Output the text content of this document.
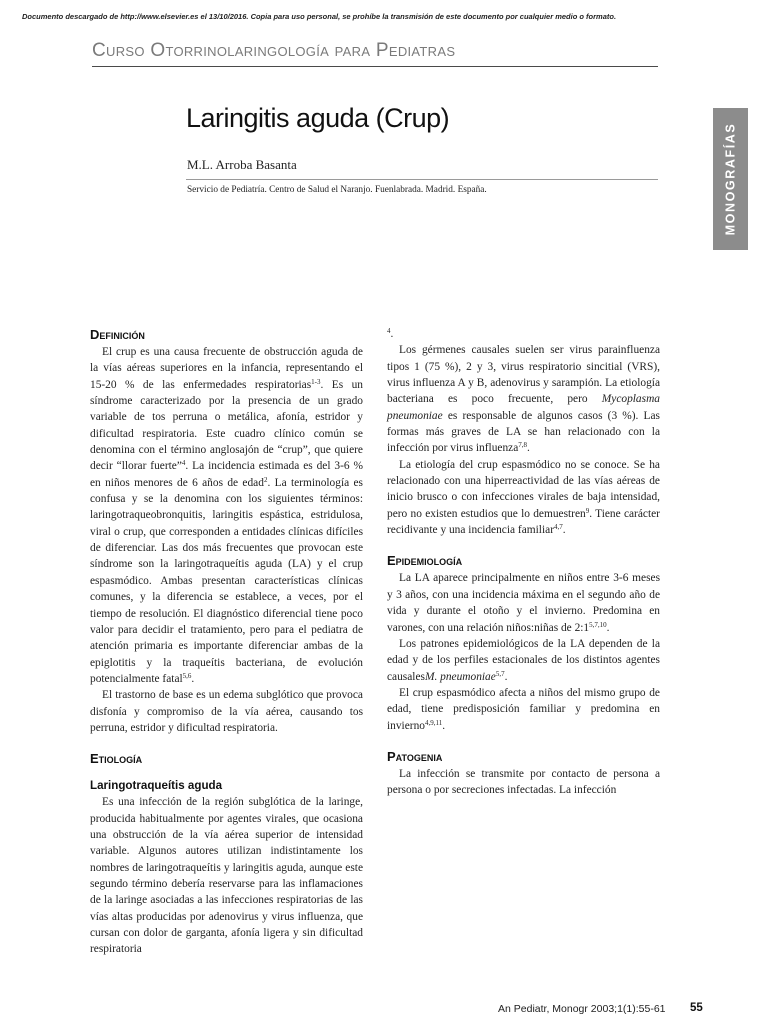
Documento descargado de http://www.elsevier.es el 13/10/2016. Copia para uso personal, se prohíbe la transmisión de este documento por cualquier medio o formato.
Curso Otorrinolaringología para Pediatras
MONOGRAFÍAS
Laringitis aguda (Crup)
M.L. Arroba Basanta
Servicio de Pediatría. Centro de Salud el Naranjo. Fuenlabrada. Madrid. España.
Definición

El crup es una causa frecuente de obstrucción aguda de la vías aéreas superiores en la infancia, representando el 15-20 % de las enfermedades respiratorias$^{1-3}$. Es un síndrome caracterizado por la presencia de un grado variable de tos perruna o metálica, afonía, estridor y dificultad respiratoria. Este cuadro clínico común se denomina con el término anglosajón de “crup”, que quiere decir “llorar fuerte”$^4$. La incidencia estimada es del 3-6 % en niños menores de 6 años de edad$^2$. La terminología es confusa y se la denomina con los siguientes términos: laringotraqueobronquitis, laringitis espástica, estridulosa, viral o crup, que corresponden a entidades clínicas difíciles de diferenciar. Las dos más frecuentes que provocan este síndrome son la laringotraqueítis aguda (LA) y el crup espasmódico. Ambas presentan características clínicas comunes, y la diferencia se establece, a veces, por el tiempo de resolución. El diagnóstico diferencial tiene poco valor para decidir el tratamiento, pero para el pediatra de atención primaria es importante diferenciar ambas de la epiglotitis y la traqueítis bacteriana, de evolución potencialmente fatal$^{5,6}$.

El trastorno de base es un edema subglótico que provoca disfonía y compromiso de la vía aérea, causando tos perruna, estridor y dificultad respiratoria.

Etiología
Laringotraqueítis aguda

Es una infección de la región subglótica de la laringe, producida habitualmente por agentes virales, que ocasiona una obstrucción de la vía aérea superior de intensidad variable. Algunos autores utilizan indistintamente los nombres de laringotraqueítis y laringitis aguda, aunque este segundo término debería reservarse para las inflamaciones de la laringe asociadas a las infecciones respiratorias de las vías altas producidas por adenovirus y virus influenza, que cursan con dolor de garganta, afonía ligera y sin dificultad respiratoria

$^4$.

Los gérmenes causales suelen ser virus parainfluenza tipos 1 (75 %), 2 y 3, virus respiratorio sincitial (VRS), virus influenza A y B, adenovirus y sarampión. La etiología bacteriana es poco frecuente, pero Mycoplasma pneumoniae es responsable de algunos casos (3 %). Las formas más graves de LA se han relacionado con la infección por virus influenza$^{7,8}$.

La etiología del crup espasmódico no se conoce. Se ha relacionado con una hiperreactividad de las vías aéreas de inicio brusco o con infecciones virales de baja intensidad, pero no existen estudios que lo demuestren$^9$. Tiene carácter recidivante y una incidencia familiar$^{4,7}$.

Epidemiología

La LA aparece principalmente en niños entre 3-6 meses y 3 años, con una incidencia máxima en el segundo año de vida y durante el otoño y el invierno. Predomina en varones, con una relación niños:niñas de 2:1$^{5,7,10}$.

Los patrones epidemiológicos de la LA dependen de la edad y de los perfiles estacionales de los distintos agentes causalesM. pneumoniae$^{5,7}$.

El crup espasmódico afecta a niños del mismo grupo de edad, tiene predisposición familiar y predomina en invierno$^{4,9,11}$.

Patogenia

La infección se transmite por contacto de persona a persona o por secreciones infectadas. La infección

An Pediatr, Monogr 2003;1(1):55-61 55
